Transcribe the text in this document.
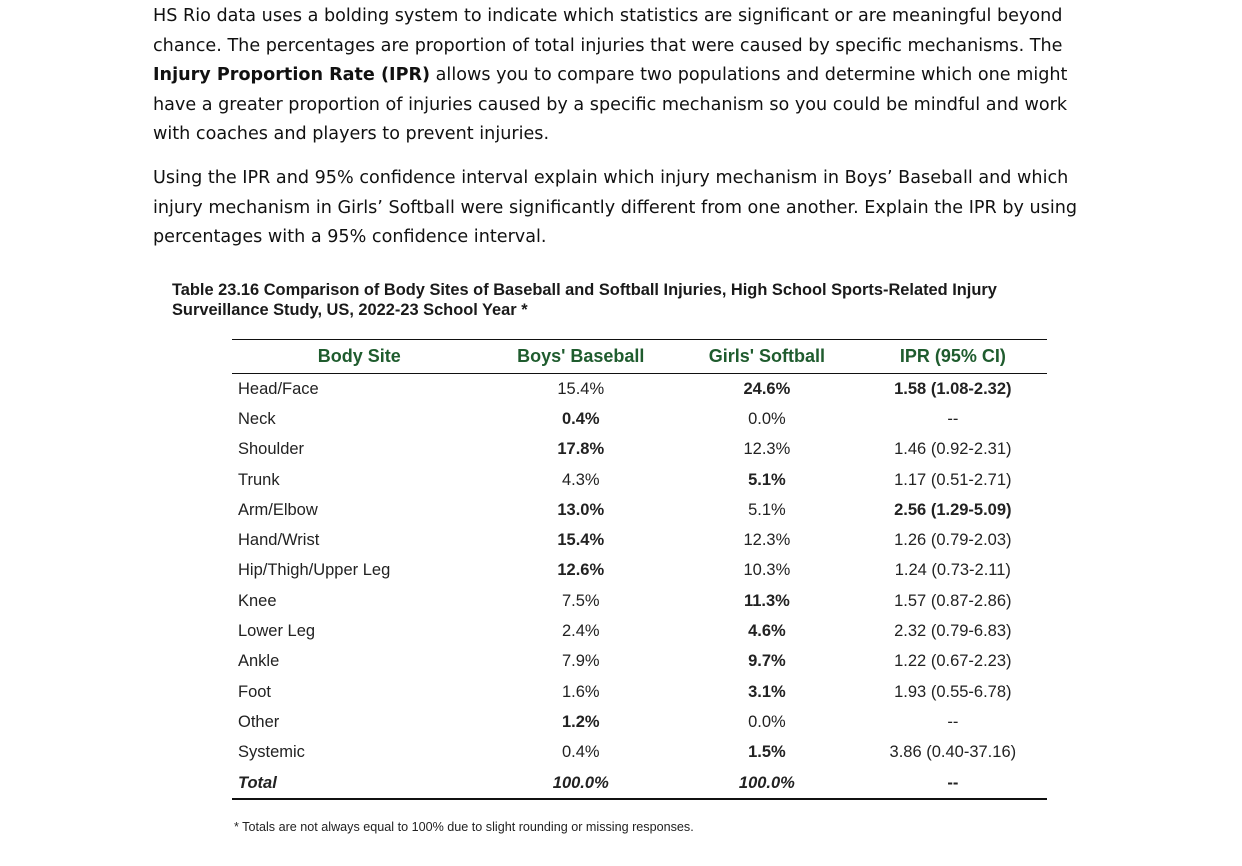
HS Rio data uses a bolding system to indicate which statistics are significant or are meaningful beyond chance. The percentages are proportion of total injuries that were caused by specific mechanisms. The Injury Proportion Rate (IPR) allows you to compare two populations and determine which one might have a greater proportion of injuries caused by a specific mechanism so you could be mindful and work with coaches and players to prevent injuries.

Using the IPR and 95% confidence interval explain which injury mechanism in Boys’ Baseball and which injury mechanism in Girls’ Softball were significantly different from one another. Explain the IPR by using percentages with a 95% confidence interval.

Table 23.16 Comparison of Body Sites of Baseball and Softball Injuries, High School Sports-Related Injury Surveillance Study, US, 2022-23 School Year *

Body Site	Boys' Baseball	Girls' Softball	IPR (95% CI)
Head/Face	15.4%	24.6%	1.58 (1.08-2.32)
Neck	0.4%	0.0%	--
Shoulder	17.8%	12.3%	1.46 (0.92-2.31)
Trunk	4.3%	5.1%	1.17 (0.51-2.71)
Arm/Elbow	13.0%	5.1%	2.56 (1.29-5.09)
Hand/Wrist	15.4%	12.3%	1.26 (0.79-2.03)
Hip/Thigh/Upper Leg	12.6%	10.3%	1.24 (0.73-2.11)
Knee	7.5%	11.3%	1.57 (0.87-2.86)
Lower Leg	2.4%	4.6%	2.32 (0.79-6.83)
Ankle	7.9%	9.7%	1.22 (0.67-2.23)
Foot	1.6%	3.1%	1.93 (0.55-6.78)
Other	1.2%	0.0%	--
Systemic	0.4%	1.5%	3.86 (0.40-37.16)
Total	100.0%	100.0%	--

* Totals are not always equal to 100% due to slight rounding or missing responses.
